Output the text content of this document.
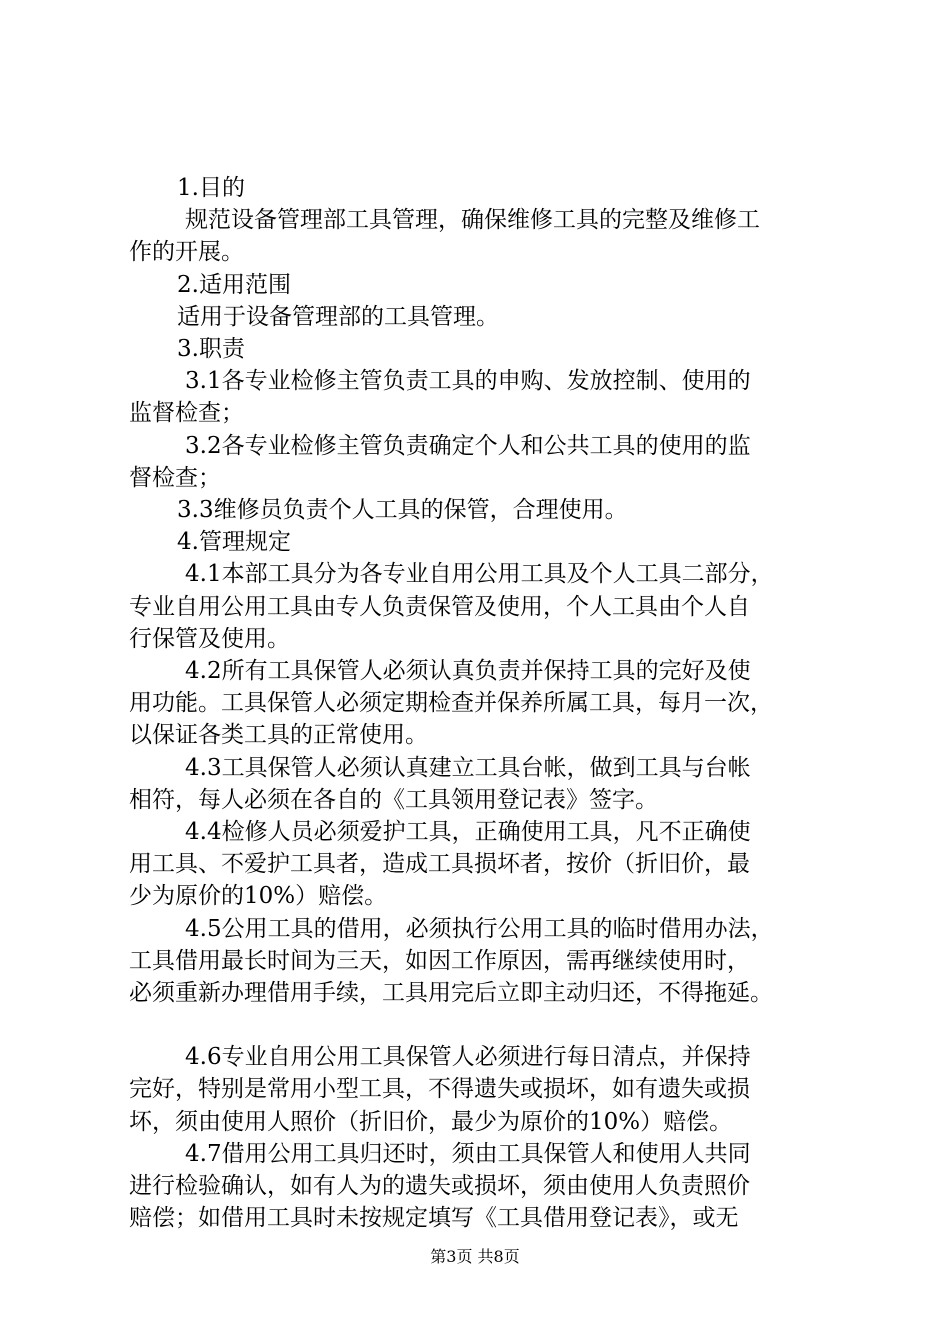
1.目的
规范设备管理部工具管理，确保维修工具的完整及维修工
作的开展。
2.适用范围
适用于设备管理部的工具管理。
3.职责
3.1各专业检修主管负责工具的申购、发放控制、使用的
监督检查；
3.2各专业检修主管负责确定个人和公共工具的使用的监
督检查；
3.3维修员负责个人工具的保管，合理使用。
4.管理规定
4.1本部工具分为各专业自用公用工具及个人工具二部分，
专业自用公用工具由专人负责保管及使用，个人工具由个人自
行保管及使用。
4.2所有工具保管人必须认真负责并保持工具的完好及使
用功能。工具保管人必须定期检查并保养所属工具，每月一次，
以保证各类工具的正常使用。
4.3工具保管人必须认真建立工具台帐，做到工具与台帐
相符，每人必须在各自的《工具领用登记表》签字。
4.4检修人员必须爱护工具，正确使用工具，凡不正确使
用工具、不爱护工具者，造成工具损坏者，按价（折旧价，最
少为原价的10%）赔偿。
4.5公用工具的借用，必须执行公用工具的临时借用办法，
工具借用最长时间为三天，如因工作原因，需再继续使用时，
必须重新办理借用手续，工具用完后立即主动归还，不得拖延。
4.6专业自用公用工具保管人必须进行每日清点，并保持
完好，特别是常用小型工具，不得遗失或损坏，如有遗失或损
坏，须由使用人照价（折旧价，最少为原价的10%）赔偿。
4.7借用公用工具归还时，须由工具保管人和使用人共同
进行检验确认，如有人为的遗失或损坏，须由使用人负责照价
赔偿；如借用工具时未按规定填写《工具借用登记表》，或无
第3页 共8页
